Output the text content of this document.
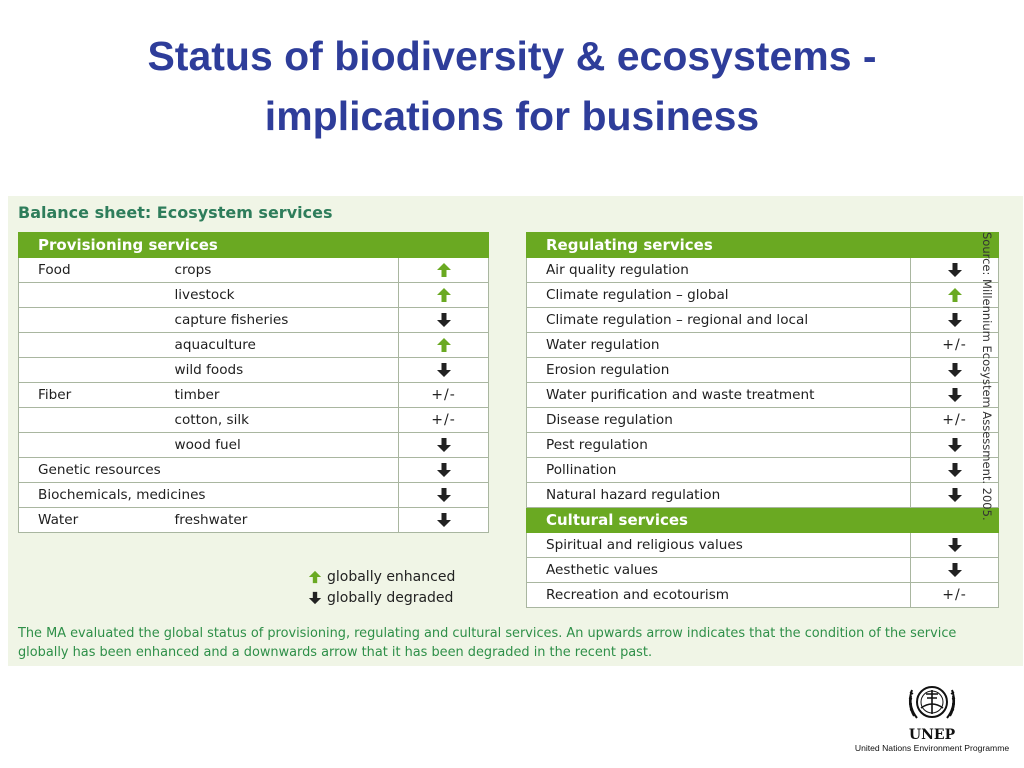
Status of biodiversity & ecosystems -
implications for business
Balance sheet: Ecosystem services
Provisioning services		
Food	crops	
	livestock	
	capture fisheries	
	aquaculture	
	wild foods	
Fiber	timber	+/-
	cotton, silk	+/-
	wood fuel	
Genetic resources	
Biochemicals, medicines	
Water	freshwater	
Regulating services	
Air quality regulation	
Climate regulation – global	
Climate regulation – regional and local	
Water regulation	+/-
Erosion regulation	
Water purification and waste treatment	
Disease regulation	+/-
Pest regulation	
Pollination	
Natural hazard regulation	
Cultural services	
Spiritual and religious values	
Aesthetic values	
Recreation and ecotourism	+/-
globally enhanced
globally degraded

The MA evaluated the global status of provisioning, regulating and cultural services. An upwards arrow indicates that the condition of the service globally has been enhanced and a downwards arrow that it has been degraded in the recent past.

Source: Millennium Ecosystem Assessment. 2005.
UNEP
United Nations Environment Programme
